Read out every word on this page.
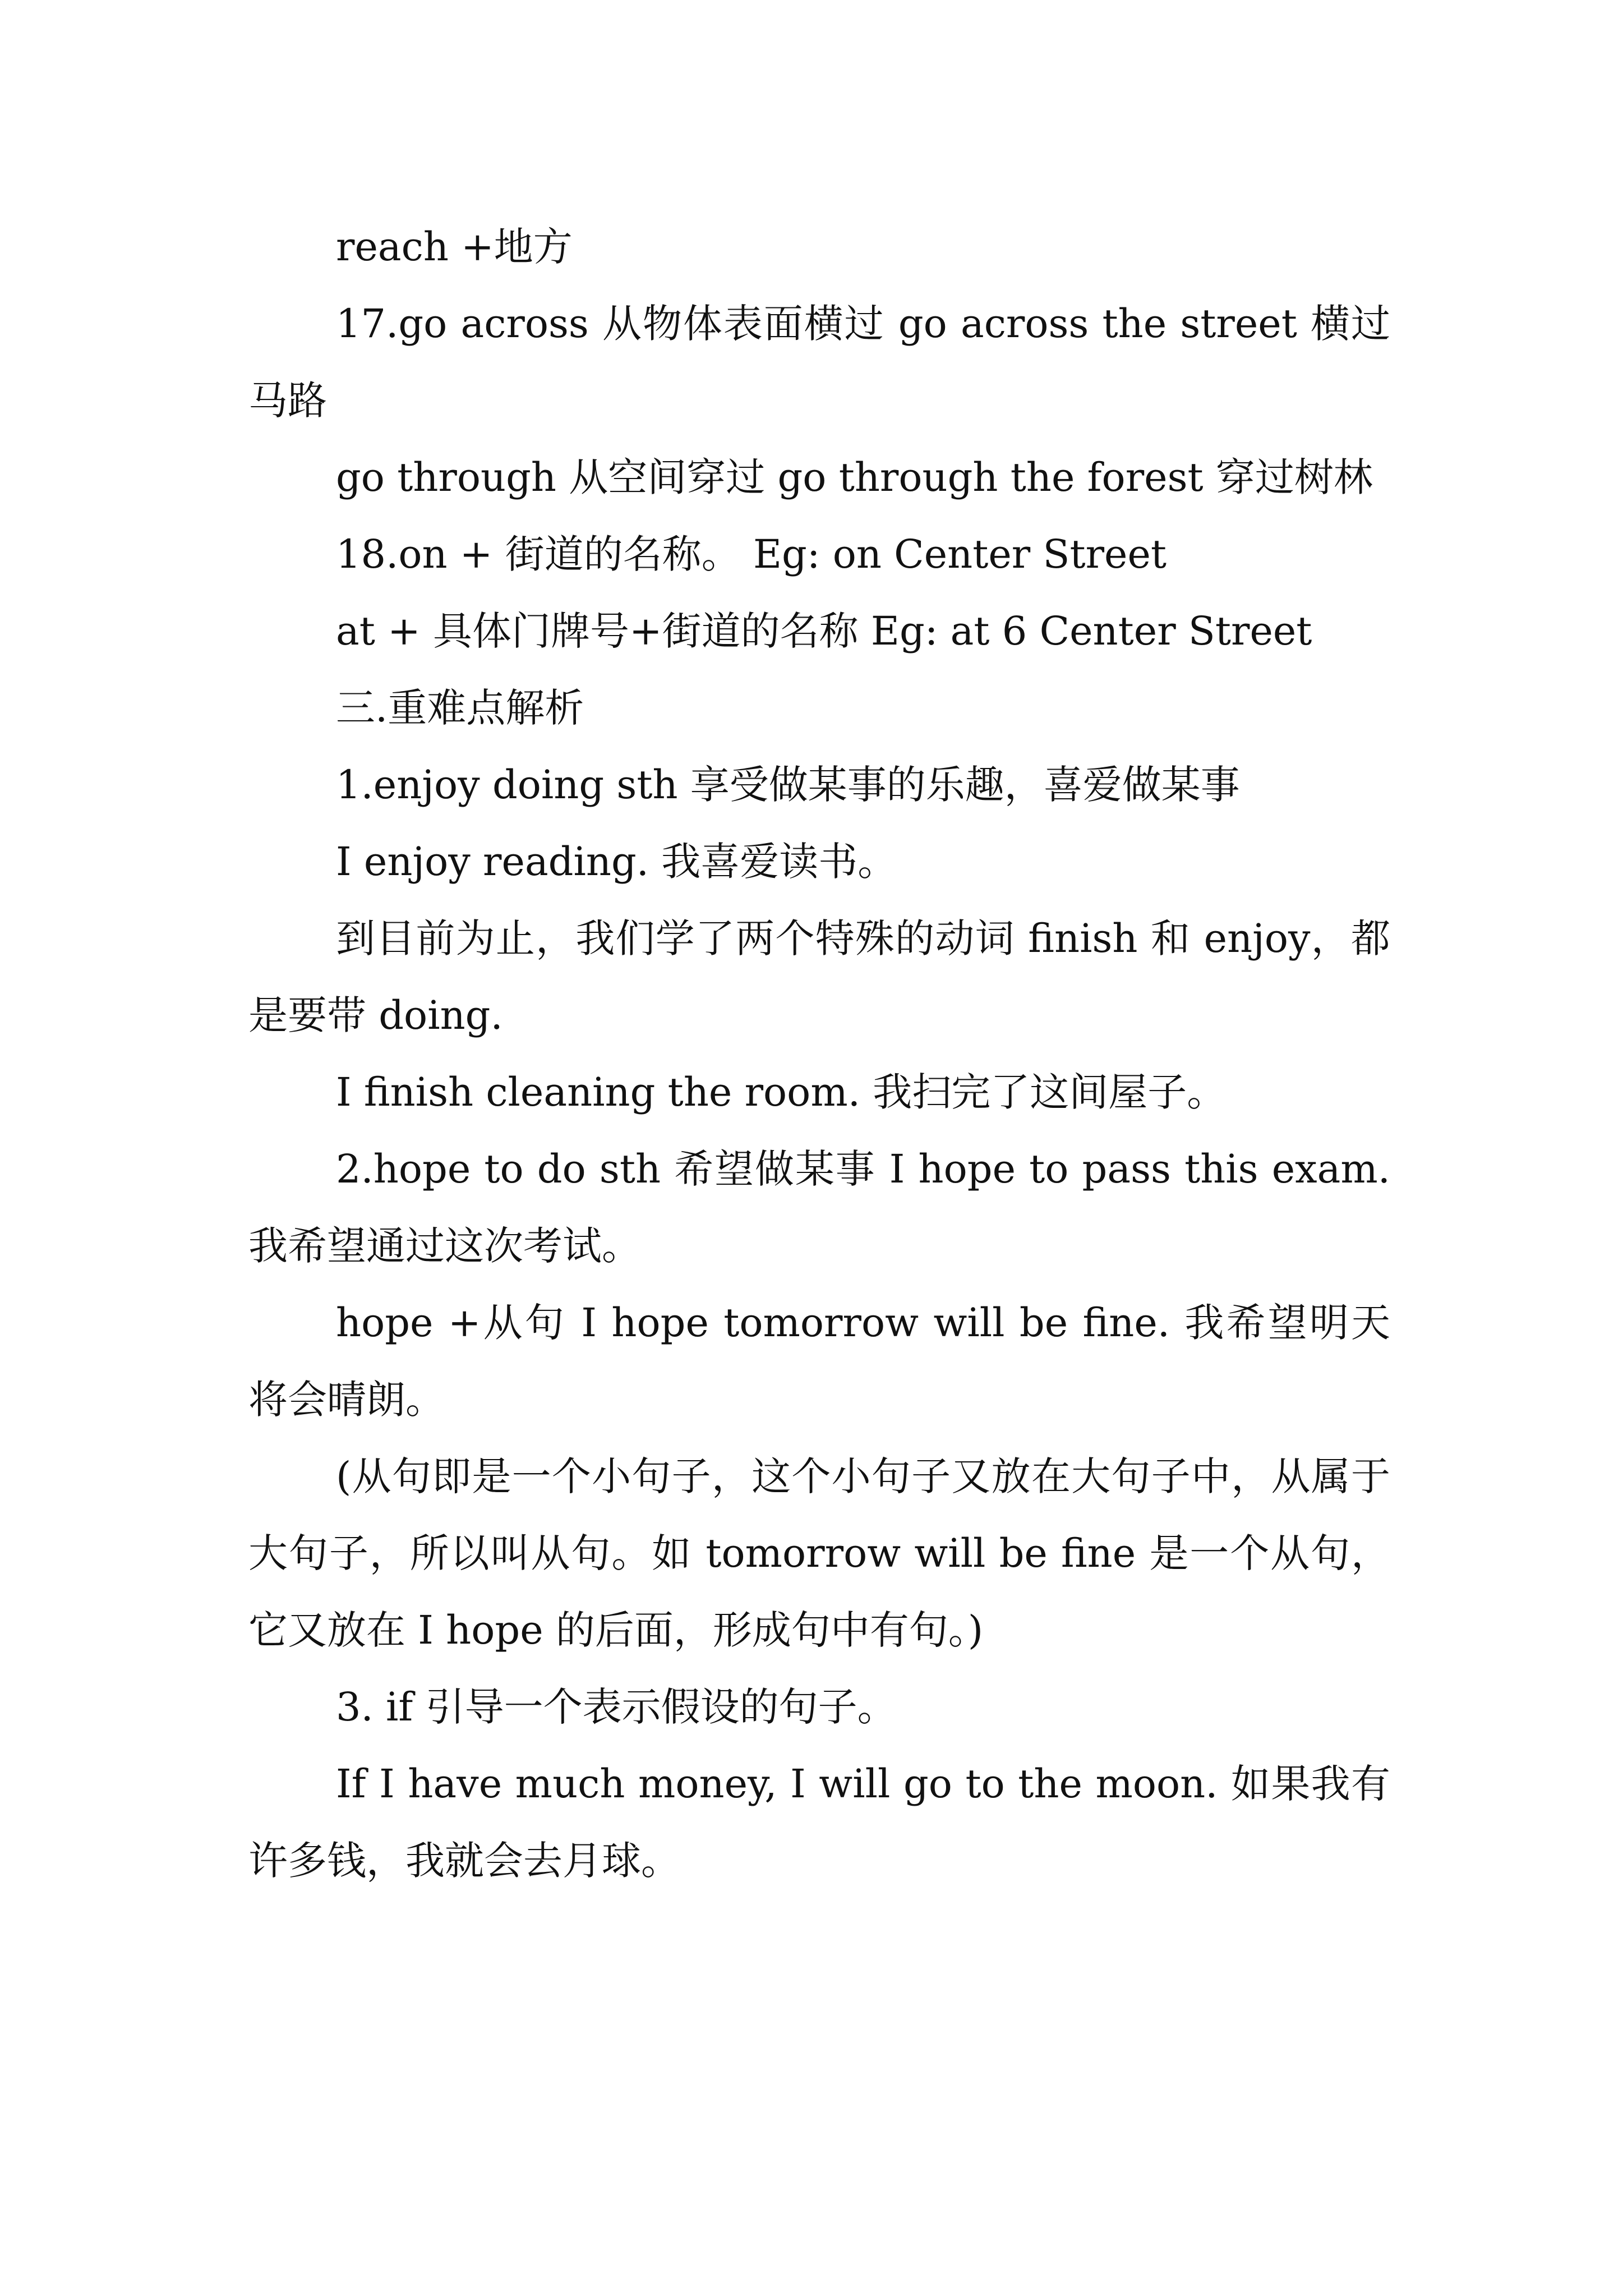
reach +地方

17.go across 从物体表面横过 go across the street 横过马路

go through 从空间穿过 go through the forest 穿过树林

18.on + 街道的名称。 Eg: on Center Street

at + 具体门牌号+街道的名称 Eg: at 6 Center Street

三.重难点解析

1.enjoy doing sth 享受做某事的乐趣，喜爱做某事

I enjoy reading. 我喜爱读书。

到目前为止，我们学了两个特殊的动词 finish 和 enjoy，都是要带 doing.

I finish cleaning the room. 我扫完了这间屋子。

2.hope to do sth 希望做某事 I hope to pass this exam. 我希望通过这次考试。

hope +从句 I hope tomorrow will be fine. 我希望明天将会晴朗。

(从句即是一个小句子，这个小句子又放在大句子中，从属于大句子，所以叫从句。如 tomorrow will be fine 是一个从句，它又放在 I hope 的后面，形成句中有句。)

3. if 引导一个表示假设的句子。

If I have much money, I will go to the moon. 如果我有许多钱，我就会去月球。
